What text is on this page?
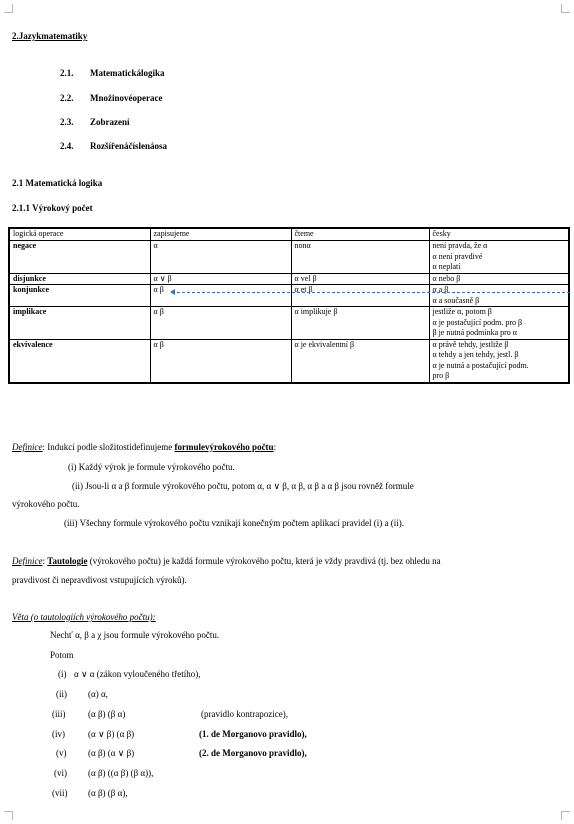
2.Jazykmatematiky
2.1. Matematickálogika
2.2. Množinovéoperace
2.3. Zobrazení
2.4. Rozšířenáčíslenáosa
2.1 Matematická logika
2.1.1 Výrokový počet
logická operace	zapisujeme	čteme	česky
negace	α	nonα	není pravda, že α
α není pravdivé
α neplatí

disjunkce	α ∨ β	α vel β	α nebo β

konjunkce	α β	α et β	α a β
α a současně β

implikace	α β	α implikuje β	jestliže α, potom β
α je postačující podm. pro β
β je nutná podmínka pro α

ekvivalence	α β	α je ekvivalentní β	α právě tehdy, jestliže β
α tehdy a jen tehdy, jestl. β
α je nutná a postačující podm.
pro β
Definice: Indukcí podle složitostidefinujeme formulevýrokového počtu:
(i) Každý výrok je formule výrokového počtu.
(ii) Jsou-li α a β formule výrokového počtu, potom α, α ∨ β, α β, α β a α β jsou rovněž formule
výrokového počtu.
(iii) Všechny formule výrokového počtu vznikají konečným počtem aplikací pravidel (i) a (ii).
Definice: Tautologie (výrokového počtu) je každá formule výrokového počtu, která je vždy pravdivá (tj. bez ohledu na
pravdivost či nepravdivost vstupujících výroků).
Věta (o tautologiích výrokového počtu):
Nechť α, β a χ jsou formule výrokového počtu.
Potom
(i) α ∨ α (zákon vyloučeného třetího),
(ii) (α) α,
(iii)	(α β) (β α)	(pravidlo kontrapozice),
(iv)	(α ∨ β) (α β)	(1. de Morganovo pravidlo),
(v) (α β) (α ∨ β)	(2. de Morganovo pravidlo),
(vi) (α β) ((α β) (β α)),
(vii) (α β) (β α),
